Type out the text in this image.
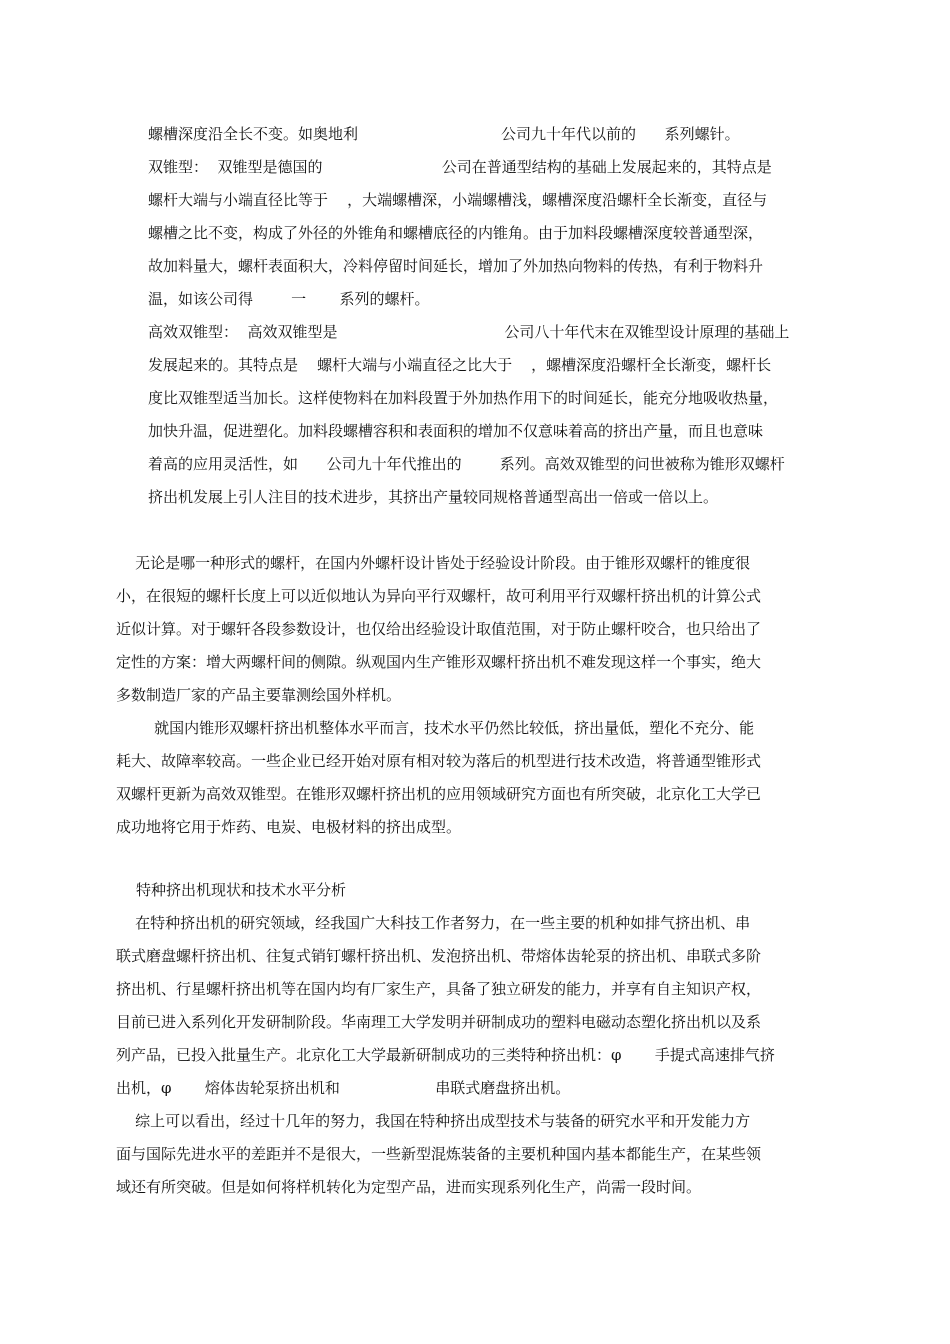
螺槽深度沿全长不变。如奥地利                              公司九十年代以前的      系列螺针。
双锥型：  双锥型是德国的                         公司在普通型结构的基础上发展起来的，其特点是
螺杆大端与小端直径比等于    ，大端螺槽深，小端螺槽浅，螺槽深度沿螺杆全长渐变，直径与
螺槽之比不变，构成了外径的外锥角和螺槽底径的内锥角。由于加料段螺槽深度较普通型深，
故加料量大，螺杆表面积大，冷料停留时间延长，增加了外加热向物料的传热，有利于物料升
温，如该公司得        一       系列的螺杆。
高效双锥型：  高效双锥型是                                   公司八十年代末在双锥型设计原理的基础上
发展起来的。其特点是    螺杆大端与小端直径之比大于    ，螺槽深度沿螺杆全长渐变，螺杆长
度比双锥型适当加长。这样使物料在加料段置于外加热作用下的时间延长，能充分地吸收热量，
加快升温，促进塑化。加料段螺槽容积和表面积的增加不仅意味着高的挤出产量，而且也意味
着高的应用灵活性，如      公司九十年代推出的        系列。高效双锥型的问世被称为锥形双螺杆
挤出机发展上引人注目的技术进步，其挤出产量较同规格普通型高出一倍或一倍以上。
无论是哪一种形式的螺杆，在国内外螺杆设计皆处于经验设计阶段。由于锥形双螺杆的锥度很
小，在很短的螺杆长度上可以近似地认为异向平行双螺杆，故可利用平行双螺杆挤出机的计算公式
近似计算。对于螺轩各段参数设计，也仅给出经验设计取值范围，对于防止螺杆咬合，也只给出了
定性的方案：增大两螺杆间的侧隙。纵观国内生产锥形双螺杆挤出机不难发现这样一个事实，绝大
多数制造厂家的产品主要靠测绘国外样机。
就国内锥形双螺杆挤出机整体水平而言，技术水平仍然比较低，挤出量低，塑化不充分、能
耗大、故障率较高。一些企业已经开始对原有相对较为落后的机型进行技术改造，将普通型锥形式
双螺杆更新为高效双锥型。在锥形双螺杆挤出机的应用领域研究方面也有所突破，北京化工大学已
成功地将它用于炸药、电炭、电极材料的挤出成型。
特种挤出机现状和技术水平分析
在特种挤出机的研究领域，经我国广大科技工作者努力，在一些主要的机种如排气挤出机、串
联式磨盘螺杆挤出机、往复式销钉螺杆挤出机、发泡挤出机、带熔体齿轮泵的挤出机、串联式多阶
挤出机、行星螺杆挤出机等在国内均有厂家生产，具备了独立研发的能力，并享有自主知识产权，
目前已进入系列化开发研制阶段。华南理工大学发明并研制成功的塑料电磁动态塑化挤出机以及系
列产品，已投入批量生产。北京化工大学最新研制成功的三类特种挤出机：φ       手提式高速排气挤
出机，φ       熔体齿轮泵挤出机和                    串联式磨盘挤出机。
综上可以看出，经过十几年的努力，我国在特种挤出成型技术与装备的研究水平和开发能力方
面与国际先进水平的差距并不是很大，一些新型混炼装备的主要机种国内基本都能生产，在某些领
域还有所突破。但是如何将样机转化为定型产品，进而实现系列化生产，尚需一段时间。
